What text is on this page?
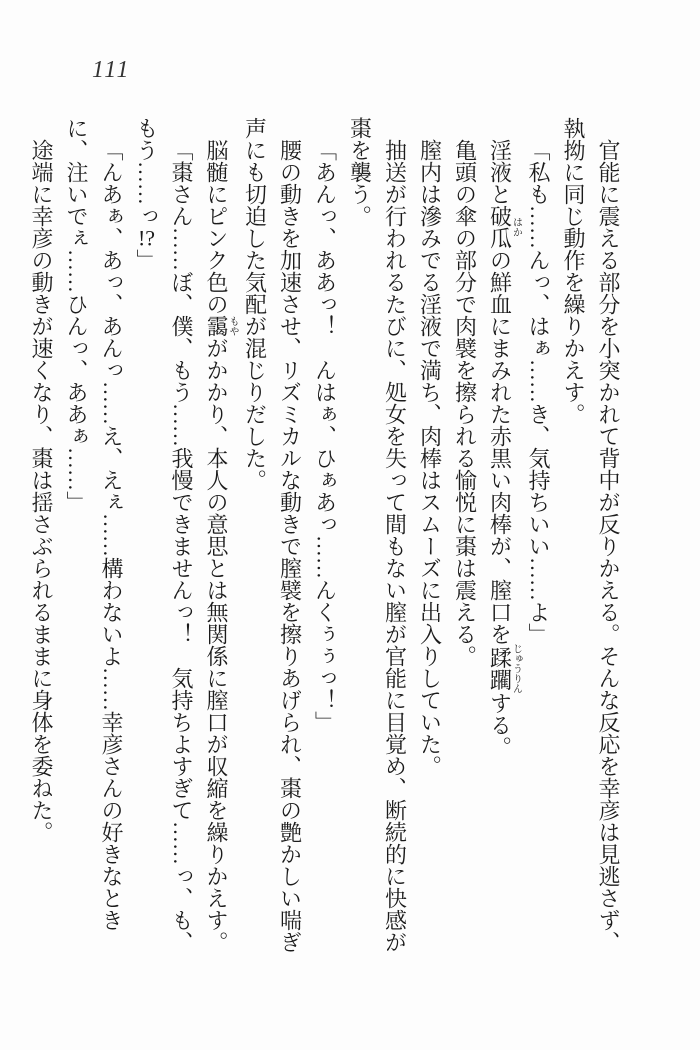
111

官能に震える部分を小突かれて背中が反りかえる。そんな反応を幸彦は見逃さず、執拗に同じ動作を繰りかえす。

「私も……んっ、はぁ……き、気持ちいい……よ」

淫液と破瓜はかの鮮血にまみれた赤黒い肉棒が、膣口を蹂躙じゅうりんする。

亀頭の傘の部分で肉襞を擦られる愉悦に棗は震える。

膣内は滲みでる淫液で満ち、肉棒はスムーズに出入りしていた。

抽送が行われるたびに、処女を失って間もない膣が官能に目覚め、断続的に快感が棗を襲う。

「あんっ、ああっ！　んはぁ、ひぁあっ……んくぅぅっ！」

腰の動きを加速させ、リズミカルな動きで膣襞を擦りあげられ、棗の艶かしい喘ぎ声にも切迫した気配が混じりだした。

脳髄にピンク色の靄もやがかかり、本人の意思とは無関係に膣口が収縮を繰りかえす。

「棗さん……ぼ、僕、もう……我慢できませんっ！　気持ちよすぎて……っ、も、もう……っ!?」

「んあぁ、あっ、あんっ……え、えぇ……構わないよ……幸彦さんの好きなときに、注いでぇ……ひんっ、ああぁ……」

途端に幸彦の動きが速くなり、棗は揺さぶられるままに身体を委ねた。
